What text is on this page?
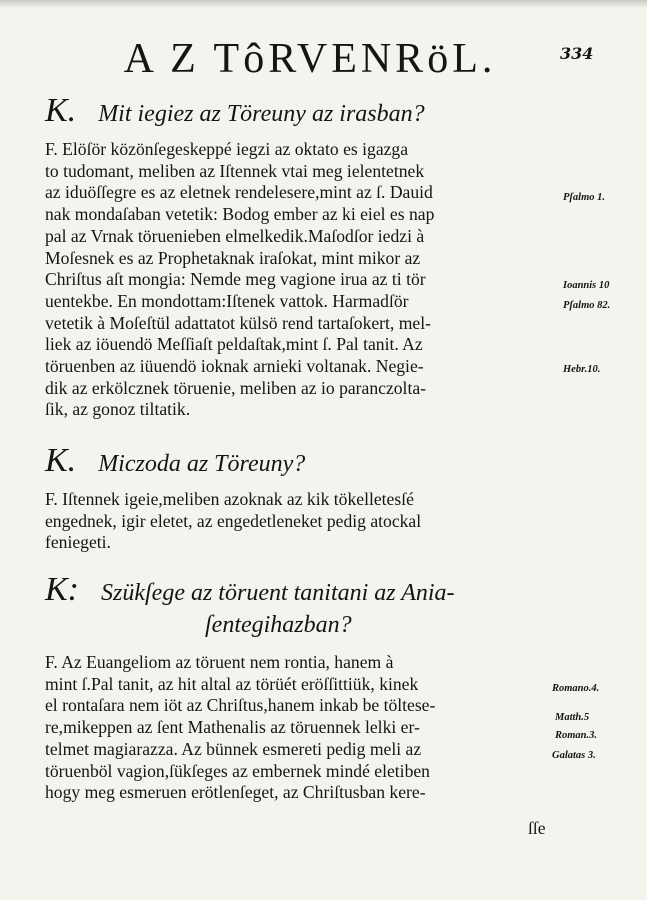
A Z TôRVENRöL.	334
K. Mit iegiez az Töreuny az irasban?
F. Elöſör közönſegeskeppé iegzi az oktato es igazga
to tudomant, meliben az Iſtennek vtai meg ielentetnek
az iduöſſegre es az eletnek rendelesere,mint az ſ. Dauid
nak mondaſaban vetetik: Bodog ember az ki eiel es nap
pal az Vrnak töruenieben elmelkedik.Maſodſor iedzi à
Moſesnek es az Prophetaknak iraſokat, mint mikor az
Chriſtus aſt mongia: Nemde meg vagione irua az ti tör
uentekbe. En mondottam:Iſtenek vattok. Harmadſör
vetetik à Moſeſtül adattatot külsö rend tartaſokert, mel-
liek az iöuendö Meſſiaſt peldaſtak,mint ſ. Pal tanit. Az
töruenben az iüuendö ioknak arnieki voltanak. Negie-
dik az erkölcznek töruenie, meliben az io paranczolta-
ſik, az gonoz tiltatik.
K. Miczoda az Töreuny?
F. Iſtennek igeie,meliben azoknak az kik tökelletesſé
engednek, igir eletet, az engedetleneket pedig atockal
feniegeti.
K: Szükſege az töruent tanitani az Ania-
ſentegihazban?
F. Az Euangeliom az töruent nem rontia, hanem à
mint ſ.Pal tanit, az hit altal az törüét eröſſittiük, kinek
el rontaſara nem iöt az Chriſtus,hanem inkab be töltese-
re,mikeppen az ſent Mathenalis az töruennek lelki er-
telmet magiarazza. Az bünnek esmereti pedig meli az
töruenböl vagion,ſükſeges az embernek mindé eletiben
hogy meg esmeruen erötlenſeget, az Chriſtusban kere-
ſſe
Pſalmo 1.
Ioannis 10
Pſalmo 82.
Hebr.10.
Romano.4.
Matth.5
Roman.3.
Galatas 3.
